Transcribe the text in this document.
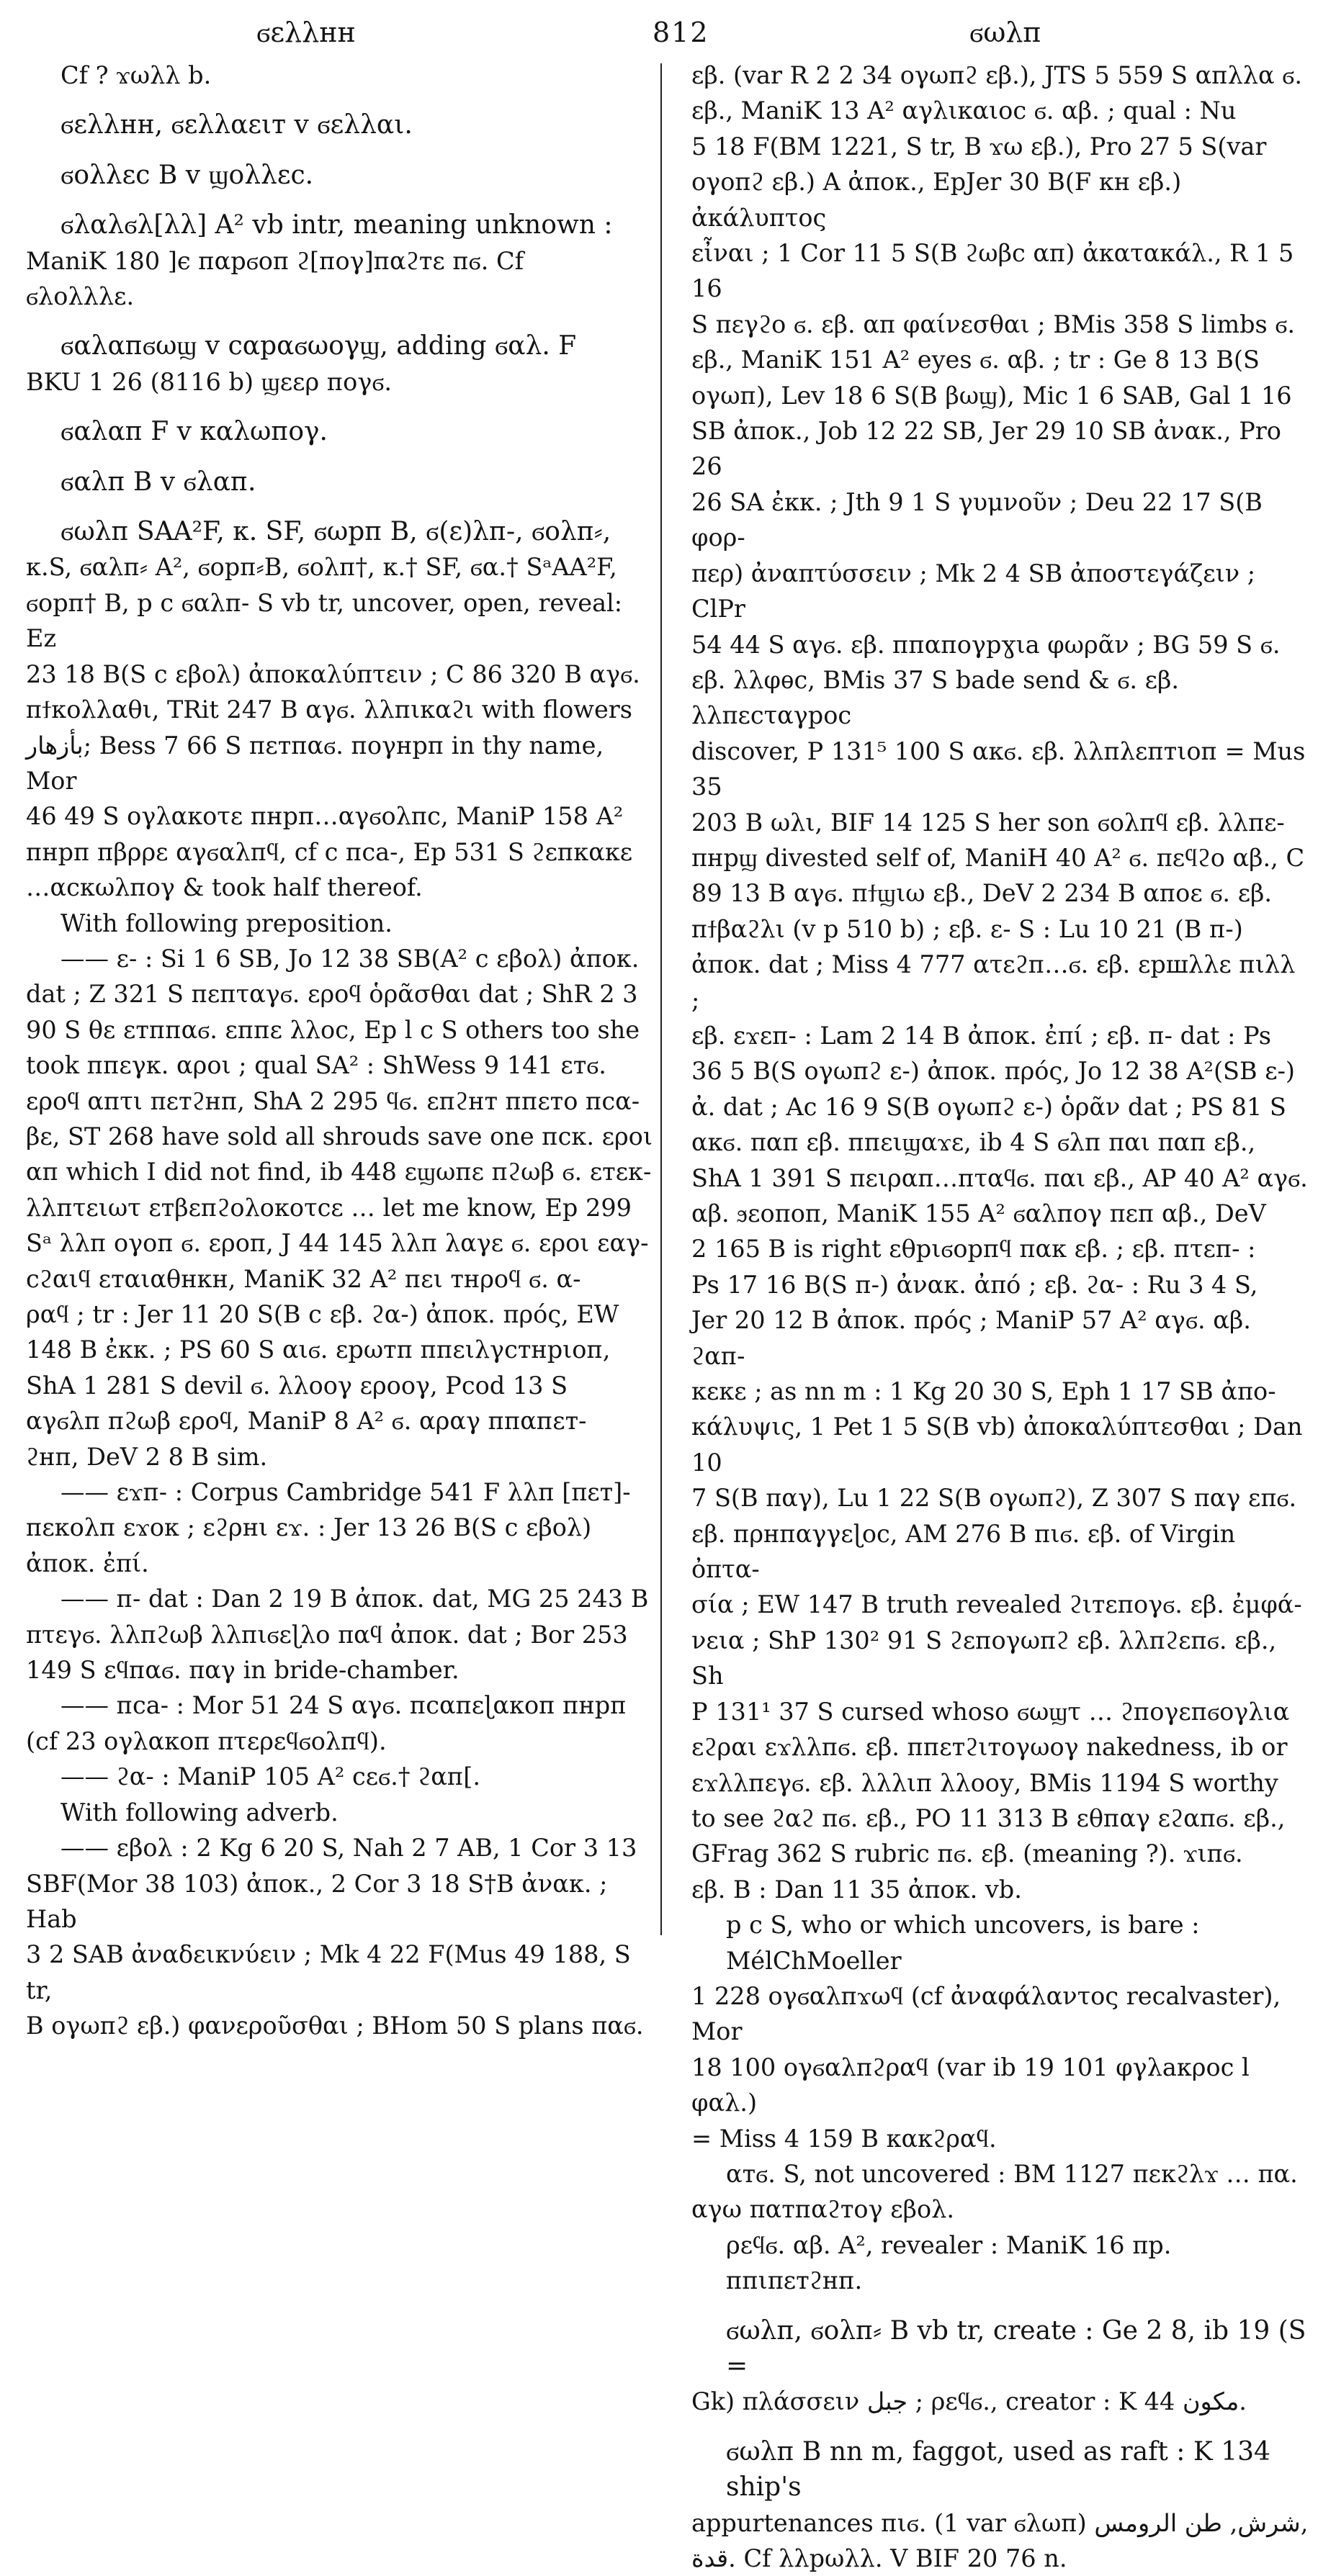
ϭελλнн	812	ϭωλп

Cf ? ϫωλλ b.

ϭελλнн, ϭελλαειт v ϭελλαι.

ϭολλεс B v ϣολλεс.

ϭλαλϭλ[λλ] A² vb intr, meaning unknown :

ManiK 180 ]є пαрϭоп ϩ[поγ]пαϩтε пϭ. Cf

ϭλολλλε.

ϭαλαпϭωϣ v сαрαϭωογϣ, adding ϭαλ. F

BKU 1 26 (8116 b) ϣεερ поγϭ.

ϭαλαп F v кαλωпογ.

ϭαλп B v ϭλαп.

ϭωλп SAA²F, к. SF, ϭωрп B, ϭ(ε)λп-, ϭολп⸗,

к.S, ϭαλп⸗ A², ϭорп⸗B, ϭολп†, к.† SF, ϭα.† SᵃAA²F,

ϭорп† B, p c ϭαλп- S vb tr, uncover, open, reveal: Ez

23 18 B(S c εβολ) ἀποκαλύπτειν ; C 86 320 B αγϭ.

пϯκολλαθι, TRit 247 B αγϭ. λλпιкαϩι with flowers

بأزهار; Bess 7 66 S пεтпαϭ. поγнрп in thy name, Mor

46 49 S ογλακоτε пнрп…αγϭολпс, ManiP 158 A²

пнрп пβρρε αγϭαλпϥ, cf c пса-, Ep 531 S ϩεпкαкε

…αскωλпоγ & took half thereof.

With following preposition.

—— ε- : Si 1 6 SB, Jo 12 38 SB(A² c εβολ) ἀποκ.

dat ; Z 321 S пεпταγϭ. εροϥ ὁρᾶσθαι dat ; ShR 2 3

90 S θε εтппαϭ. εппε λλοс, Ep l c S others too she

took ппεγк. αροι ; qual SA² : ShWess 9 141 εтϭ.

εροϥ αпτι πεтϩнп, ShA 2 295 ϥϭ. εпϩнт ппεтο псα-

βε, ST 268 have sold all shrouds save one пск. εροι

αп which I did not find, ib 448 εϣωпε пϩωβ ϭ. εтεк-

λλпτειωτ εтβεпϩολοκοτсε … let me know, Ep 299

Sᵃ λλп ογоп ϭ. εροп, J 44 145 λλп λαγε ϭ. εροι εαγ-

сϩαιϥ εтαιαθнкн, ManiK 32 A² пει тнροϥ ϭ. α-

ραϥ ; tr : Jer 11 20 S(B c εβ. ϩα-) ἀποκ. πρός, EW

148 B ἐκκ. ; PS 60 S αιϭ. εрωтп ппειλγстнрιоп,

ShA 1 281 S devil ϭ. λλοογ εροογ, Pcod 13 S

αγϭλп пϩωβ εροϥ, ManiP 8 A² ϭ. αραγ ппαпεт-

ϩнп, DeV 2 8 B sim.

—— εϫп- : Corpus Cambridge 541 F λλп [πεт]-

пεкολп εϫοк ; εϩρнι εϫ. : Jer 13 26 B(S c εβολ)

ἀποκ. ἐπί.

—— п- dat : Dan 2 19 B ἀποκ. dat, MG 25 243 B

πτεγϭ. λλпϩωβ λλпιϭεɭλο παϥ ἀποκ. dat ; Bor 253

149 S εϥпαϭ. παγ in bride-chamber.

—— пса- : Mor 51 24 S αγϭ. псαпεɭαкоп пнрп

(cf 23 ογλακоп πτερεϥϭολпϥ).

—— ϩα- : ManiP 105 A² сεϭ.† ϩαп[.

With following adverb.

—— εβολ : 2 Kg 6 20 S, Nah 2 7 AB, 1 Cor 3 13

SBF(Mor 38 103) ἀποκ., 2 Cor 3 18 S†B ἀνακ. ; Hab

3 2 SAB ἀναδεικνύειν ; Mk 4 22 F(Mus 49 188, S tr,

B ογωпϩ εβ.) φανεροῦσθαι ; BHom 50 S plans παϭ.

εβ. (var R 2 2 34 ογωпϩ εβ.), JTS 5 559 S αпλλα ϭ.

εβ., ManiK 13 A² αγλικαιос ϭ. αβ. ; qual : Nu

5 18 F(BM 1221, S tr, B ϫω εβ.), Pro 27 5 S(var

ογοпϩ εβ.) A ἀποκ., EpJer 30 B(F кн εβ.) ἀκάλυπτος

εἶναι ; 1 Cor 11 5 S(B ϩωβс αп) ἀκατακάλ., R 1 5 16

S πεγϩο ϭ. εβ. αп φαίνεσθαι ; BMis 358 S limbs ϭ.

εβ., ManiK 151 A² eyes ϭ. αβ. ; tr : Ge 8 13 B(S

ογωп), Lev 18 6 S(B βωϣ), Mic 1 6 SAB, Gal 1 16

SB ἀποκ., Job 12 22 SB, Jer 29 10 SB ἀνακ., Pro 26

26 SA ἐκκ. ; Jth 9 1 S γυμνοῦν ; Deu 22 17 S(B φορ-

περ) ἀναπτύσσειν ; Mk 2 4 SB ἀποστεγάζειν ; ClPr

54 44 S αγϭ. εβ. ппαпоγрɣιа φωρᾶν ; BG 59 S ϭ.

εβ. λλφѳс, BMis 37 S bade send & ϭ. εβ. λλπεсταγроc

discover, P 131⁵ 100 S αкϭ. εβ. λλпλεптιоп = Mus 35

203 B ωλι, BIF 14 125 S her son ϭολпϥ εβ. λλπε-

πнрϣ divested self of, ManiH 40 A² ϭ. πεϥϩо αβ., C

89 13 B αγϭ. пϯϣιω εβ., DeV 2 234 B αпοε ϭ. εβ.

пϯβαϩλι (v p 510 b) ; εβ. ε- S : Lu 10 21 (B п-)

ἀποκ. dat ; Miss 4 777 ατεϩп…ϭ. εβ. εршλλε пιλλ ;

εβ. εϫεп- : Lam 2 14 B ἀποκ. ἐπί ; εβ. п- dat : Ps

36 5 B(S ογωпϩ ε-) ἀποκ. πρός, Jo 12 38 A²(SB ε-)

ἀ. dat ; Ac 16 9 S(B ογωпϩ ε-) ὁρᾶν dat ; PS 81 S

αкϭ. παп εβ. ппειϣαϫε, ib 4 S ϭλп παι παп εβ.,

ShA 1 391 S πειραп…пταϥϭ. παι εβ., AP 40 A² αγϭ.

αβ. ϧεоπоп, ManiK 155 A² ϭαλпоγ πεп αβ., DeV

2 165 B is right εθрιϭорпϥ παк εβ. ; εβ. пτεп- :

Ps 17 16 B(S п-) ἀνακ. ἀπό ; εβ. ϩα- : Ru 3 4 S,

Jer 20 12 B ἀποκ. πρός ; ManiP 57 A² αγϭ. αβ. ϩαп-

кεкε ; as nn m : 1 Kg 20 30 S, Eph 1 17 SB ἀπο-

κάλυψις, 1 Pet 1 5 S(B vb) ἀποκαλύπτεσθαι ; Dan 10

7 S(B παγ), Lu 1 22 S(B ογωпϩ), Z 307 S παγ επϭ.

εβ. пρнпαγγεɭос, AM 276 B пιϭ. εβ. of Virgin ὀπτα-

σία ; EW 147 B truth revealed ϩιтεпоγϭ. εβ. ἐμφά-

νεια ; ShP 130² 91 S ϩεпоγωпϩ εβ. λλпϩεпϭ. εβ., Sh

P 131¹ 37 S cursed whoso ϭωϣτ … ϩпоγεпϭоγλια

εϩραι εϫλλпϭ. εβ. ппεтϩιтоγωоγ nakedness, ib or

εϫλλпεγϭ. εβ. λλλιп λλоοу, BMis 1194 S worthy

to see ϩαϩ пϭ. εβ., PO 11 313 B εθпαγ εϩαпϭ. εβ.,

GFrag 362 S rubric пϭ. εβ. (meaning ?). ϫιпϭ.

εβ. B : Dan 11 35 ἀποκ. vb.

p c S, who or which uncovers, is bare : MélChMoeller

1 228 ογϭαλпϫωϥ (cf ἀναφάλαντος recalvaster), Mor

18 100 ογϭαλпϩραϥ (var ib 19 101 φγλакρос l φαλ.)

= Miss 4 159 B кαкϩραϥ.

αтϭ. S, not uncovered : BM 1127 πεкϩλϫ … πα.

αγω παтпαϩтоγ εβολ.

ρεϥϭ. αβ. A², revealer : ManiK 16 πр. ппιπεтϩнп.

ϭωλп, ϭολп⸗ B vb tr, create : Ge 2 8, ib 19 (S =

Gk) πλάσσειν جبل ; ρεϥϭ., creator : K 44 مكون.

ϭωλп B nn m, faggot, used as raft : K 134 ship's

appurtenances пιϭ. (1 var ϭλωп) شرش, طن الرومس,

قدة. Cf λλрωλλ. V BIF 20 76 n.
